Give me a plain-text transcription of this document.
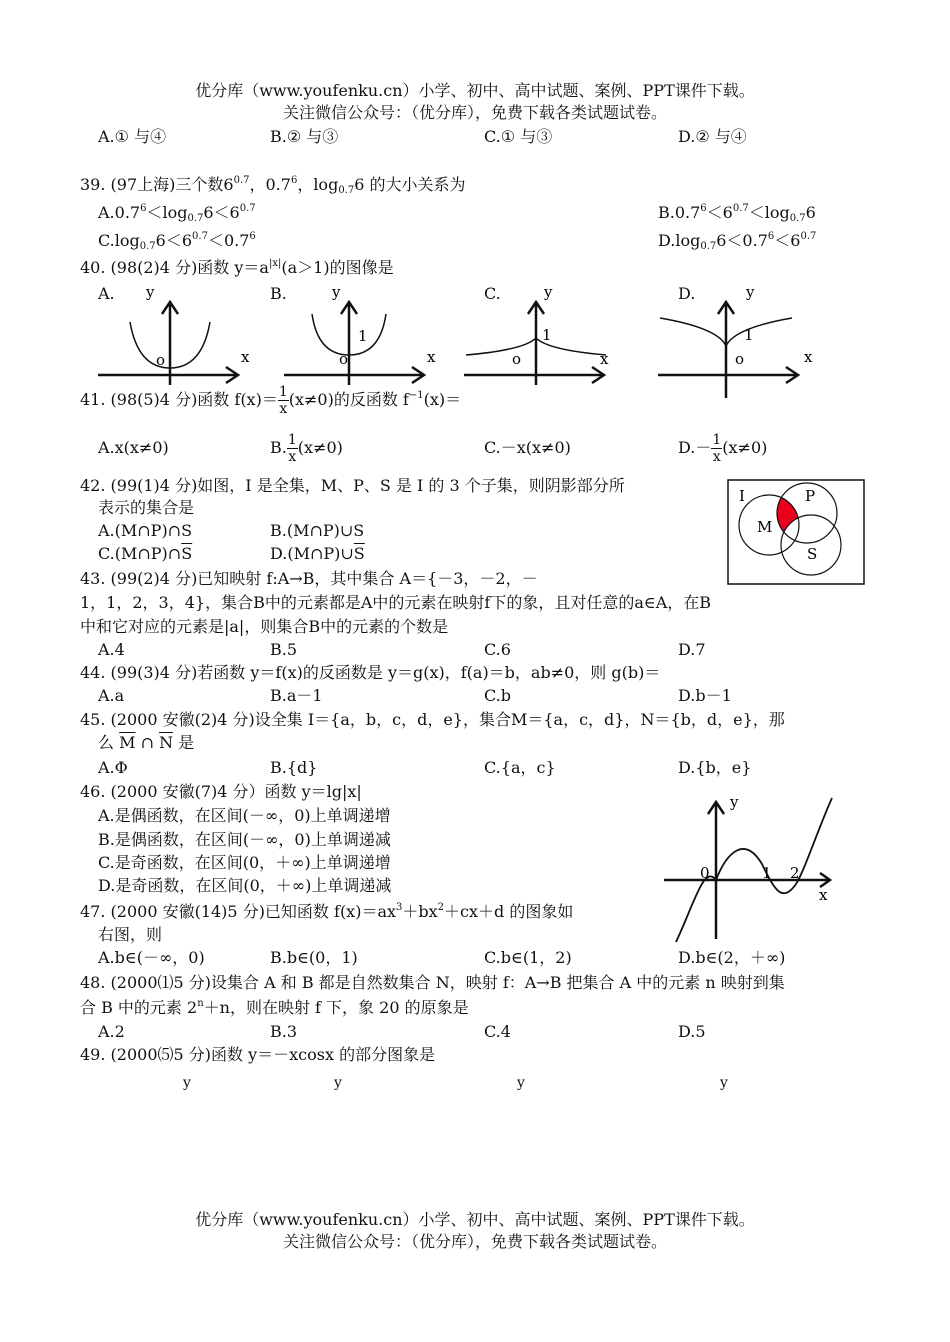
优分库（www.youfenku.cn）小学、初中、高中试题、案例、PPT课件下载。
关注微信公众号：（优分库），免费下载各类试题试卷。
A.① 与④	B.② 与③	C.① 与③	D.② 与④
39. (97上海)三个数$6^{0.7}$，$0.7^6$，$\log_{0.7}6$ 的大小关系为
$A.0.7^6<\log_{0.7}6<6^{0.7}$	$B.0.7^6<6^{0.7}<\log_{0.7}6$
$C.\log_{0.7}6<6^{0.7}<0.7^6$	$D.\log_{0.7}6<0.7^6<6^{0.7}$
40. (98(2)4 分)函数 $y=a^{|x|}(a>1)$的图像是
A.	B.	C.	D.
y
x
o
y
x
o
1
y
x
o
1
y
x
o
1
41. (98(5)4 分)函数 $f(x)= \frac{1}{x} (x\ne 0)$的反函数 $f^{-1}(x)=$
A.x(x≠0)	B. $\frac{1}{x} (x\ne 0)$	C.－x(x≠0)	$D.- \frac{1}{x} (x\ne 0)$
42. (99(1)4 分)如图，I 是全集，M、P、S 是 I 的 3 个子集，则阴影部分所
表示的集合是
A.(M∩P)∩S	B.(M∩P)∪S
$C.(M\cap P)\cap\overline{S}$	$D.(M\cap P)\cup\overline{S}$
I	P
M
S
43. (99(2)4 分)已知映射 f:A→B，其中集合 A＝{－3，－2，－
1，1，2，3，4}，集合B中的元素都是A中的元素在映射f下的象，且对任意的a∈A，在B
中和它对应的元素是|a|，则集合B中的元素的个数是
A.4	B.5	C.6	D.7
44. (99(3)4 分)若函数 y＝f(x)的反函数是 y＝g(x)，f(a)＝b，ab≠0，则 g(b)＝
A.a	B.a－1	C.b	D.b－1
45. (2000 安徽(2)4 分)设全集 I＝{a，b，c，d，e}，集合M＝{a，c，d}，N＝{b，d，e}，那
么 $\overline{M}$ ∩ $\overline{N}$ 是
A.Φ	B.{d}	C.{a，c}	D.{b，e}
46. (2000 安徽(7)4 分）函数 y＝lg|x|
A.是偶函数，在区间(－∞，0)上单调递增
B.是偶函数，在区间(－∞，0)上单调递减
C.是奇函数，在区间(0，＋∞)上单调递增
D.是奇函数，在区间(0，＋∞)上单调递减
y
x
0	1 2
47. (2000 安徽(14)5 分)已知函数 $f(x)=ax^3+bx^2+cx+d$ 的图象如
右图，则
A.b∈(－∞，0)	B.b∈(0，1)	C.b∈(1，2)	D.b∈(2，＋∞)
48. (2000⑴5 分)设集合 A 和 B 都是自然数集合 N，映射 f：A→B 把集合 A 中的元素 n 映射到集
合 B 中的元素 $2^n+n$，则在映射 f 下，象 20 的原象是
A.2	B.3	C.4	D.5
49. (2000⑸5 分)函数 y＝－xcosx 的部分图象是
y	y	y	y
优分库（www.youfenku.cn）小学、初中、高中试题、案例、PPT课件下载。
关注微信公众号：（优分库），免费下载各类试题试卷。
